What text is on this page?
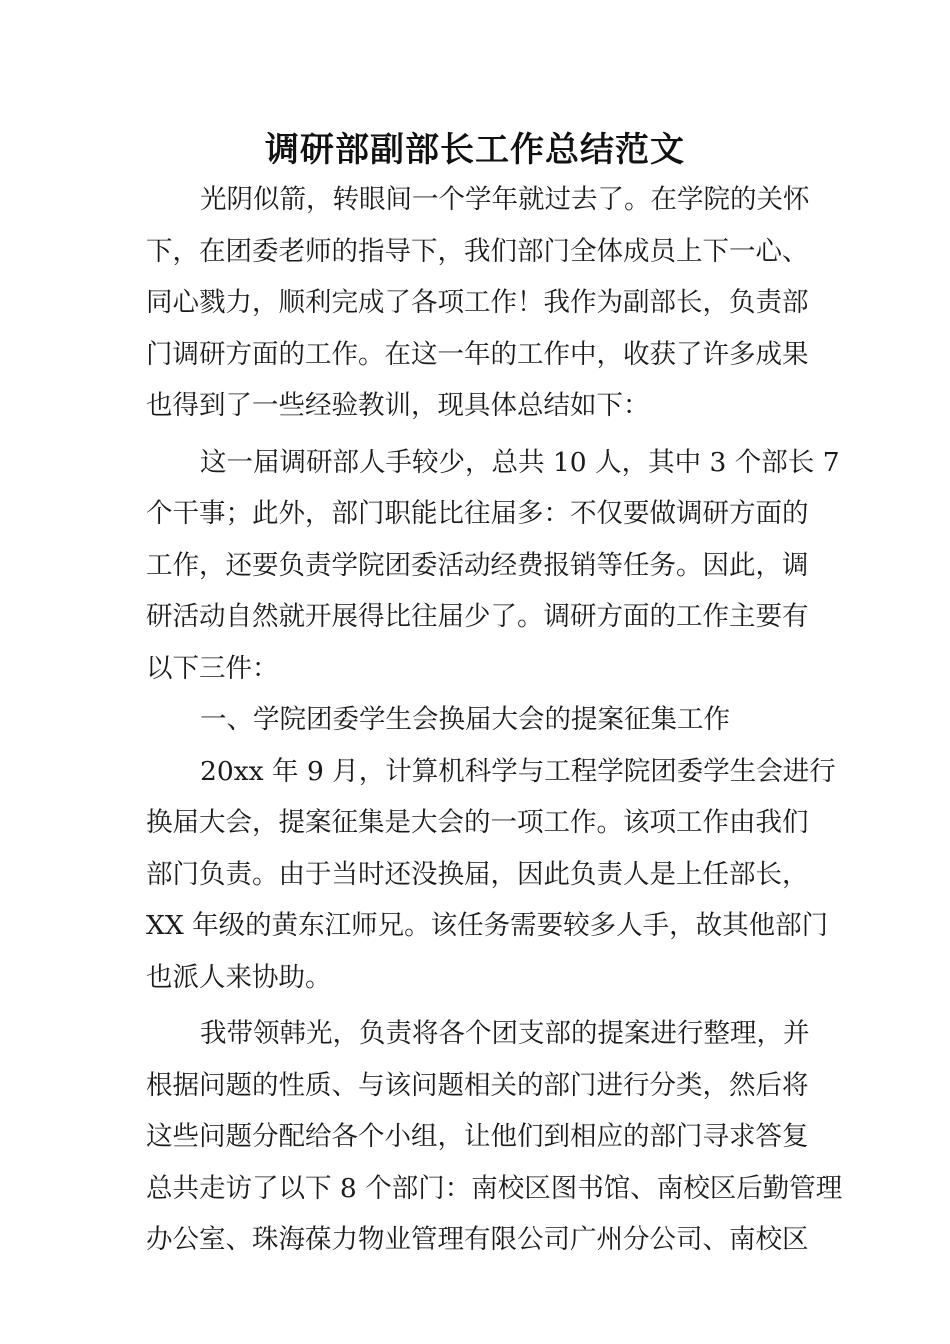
调研部副部长工作总结范文
光阴似箭，转眼间一个学年就过去了。在学院的关怀
下，在团委老师的指导下，我们部门全体成员上下一心、
同心戮力，顺利完成了各项工作！我作为副部长，负责部
门调研方面的工作。在这一年的工作中，收获了许多成果
也得到了一些经验教训，现具体总结如下：
这一届调研部人手较少，总共 10 人，其中 3 个部长 7
个干事；此外，部门职能比往届多：不仅要做调研方面的
工作，还要负责学院团委活动经费报销等任务。因此，调
研活动自然就开展得比往届少了。调研方面的工作主要有
以下三件：
一、学院团委学生会换届大会的提案征集工作
20xx 年 9 月，计算机科学与工程学院团委学生会进行
换届大会，提案征集是大会的一项工作。该项工作由我们
部门负责。由于当时还没换届，因此负责人是上任部长，
XX 年级的黄东江师兄。该任务需要较多人手，故其他部门
也派人来协助。
我带领韩光，负责将各个团支部的提案进行整理，并
根据问题的性质、与该问题相关的部门进行分类，然后将
这些问题分配给各个小组，让他们到相应的部门寻求答复
总共走访了以下 8 个部门：南校区图书馆、南校区后勤管理
办公室、珠海葆力物业管理有限公司广州分公司、南校区
